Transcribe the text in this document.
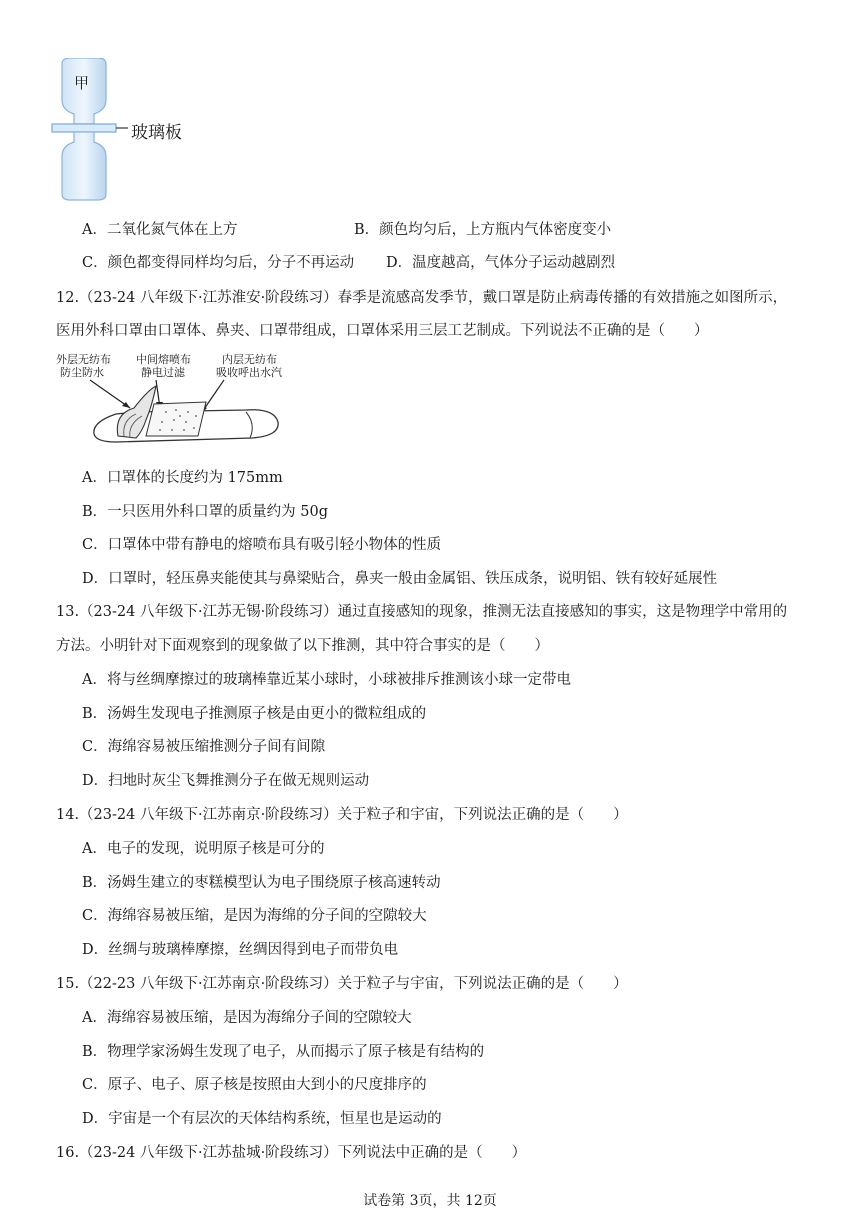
甲
玻璃板
A．二氧化氮气体在上方	B．颜色均匀后，上方瓶内气体密度变小
C．颜色都变得同样均匀后，分子不再运动 D．温度越高，气体分子运动越剧烈
12.（23-24 八年级下·江苏淮安·阶段练习）春季是流感高发季节，戴口罩是防止病毒传播的有效措施之如图所示，
医用外科口罩由口罩体、鼻夹、口罩带组成，口罩体采用三层工艺制成。下列说法不正确的是（　　）
外层无纺布
防尘防水
中间熔喷布
静电过滤
内层无纺布
吸收呼出水汽
A．口罩体的长度约为 175mm
B．一只医用外科口罩的质量约为 50g
C．口罩体中带有静电的熔喷布具有吸引轻小物体的性质
D．口罩时，轻压鼻夹能使其与鼻梁贴合，鼻夹一般由金属铝、铁压成条，说明铝、铁有较好延展性
13.（23-24 八年级下·江苏无锡·阶段练习）通过直接感知的现象，推测无法直接感知的事实，这是物理学中常用的
方法。小明针对下面观察到的现象做了以下推测，其中符合事实的是（　　）
A．将与丝绸摩擦过的玻璃棒靠近某小球时，小球被排斥推测该小球一定带电
B．汤姆生发现电子推测原子核是由更小的微粒组成的
C．海绵容易被压缩推测分子间有间隙
D．扫地时灰尘飞舞推测分子在做无规则运动
14.（23-24 八年级下·江苏南京·阶段练习）关于粒子和宇宙，下列说法正确的是（　　）
A．电子的发现，说明原子核是可分的
B．汤姆生建立的枣糕模型认为电子围绕原子核高速转动
C．海绵容易被压缩，是因为海绵的分子间的空隙较大
D．丝绸与玻璃棒摩擦，丝绸因得到电子而带负电
15.（22-23 八年级下·江苏南京·阶段练习）关于粒子与宇宙，下列说法正确的是（　　）
A．海绵容易被压缩，是因为海绵分子间的空隙较大
B．物理学家汤姆生发现了电子，从而揭示了原子核是有结构的
C．原子、电子、原子核是按照由大到小的尺度排序的
D．宇宙是一个有层次的天体结构系统，恒星也是运动的
16.（23-24 八年级下·江苏盐城·阶段练习）下列说法中正确的是（　　）
试卷第 3页，共 12页
